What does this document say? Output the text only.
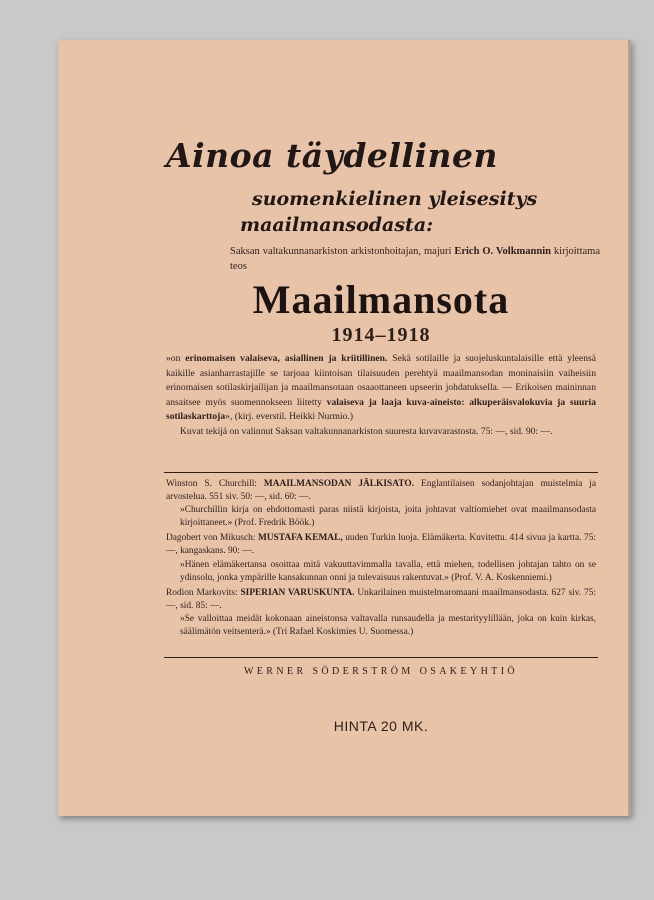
Ainoa täydellinen
suomenkielinen yleisesitys
maailmansodasta:
Saksan valtakunnanarkiston arkistonhoitajan, majuri Erich O. Volkmannin kirjoittama teos
Maailmansota
1914–1918
»on erinomaisen valaiseva, asiallinen ja kriitillinen. Sekä sotilaille ja suojeluskuntalaisille että yleensä kaikille asianharrastajille se tarjoaa kiintoisan tilaisuuden perehtyä maailmansodan moninaisiin vaiheisiin erinomaisen sotilaskirjailijan ja maailmansotaan osaaottaneen upseerin johdatuksella. — Erikoisen maininnan ansaitsee myös suomennokseen liitetty valaiseva ja laaja kuva-aineisto: alkuperäisvalokuvia ja suuria sotilaskarttoja», (kirj. everstil. Heikki Nurmio.)
Kuvat tekijä on valinnut Saksan valtakunnanarkiston suuresta kuvavarastosta. 75: —, sid. 90: —.
Winston S. Churchill: MAAILMANSODAN JÄLKISATO. Englantilaisen sodanjohtajan muistelmia ja arvostelua. 551 siv. 50: —, sid. 60: —.
»Churchillin kirja on ehdottomasti paras niistä kirjoista, joita johtavat valtiomiehet ovat maailmansodasta kirjoittaneet.» (Prof. Fredrik Böök.)
Dagobert von Mikusch: MUSTAFA KEMAL, uuden Turkin luoja. Elämäkerta. Kuvitettu. 414 sivua ja kartta. 75: —, kangaskans. 90: —.
»Hänen elämäkertansa osoittaa mitä vakuuttavimmalla tavalla, että miehen, todellisen johtajan tahto on se ydinsolu, jonka ympärille kansakunnan onni ja tulevaisuus rakentuvat.» (Prof. V. A. Koskenniemi.)
Rodion Markovits: SIPERIAN VARUSKUNTA. Unkarilainen muistelmaromaani maailmansodasta. 627 siv. 75: —, sid. 85: —.
»Se valloittaa meidät kokonaan aineistonsa valtavalla runsaudella ja mestarityylillään, joka on kuin kirkas, säälimätön veitsenterä.» (Tri Rafael Koskimies U. Suomessa.)
WERNER SÖDERSTRÖM OSAKEYHTIÖ
HINTA 20 MK.
